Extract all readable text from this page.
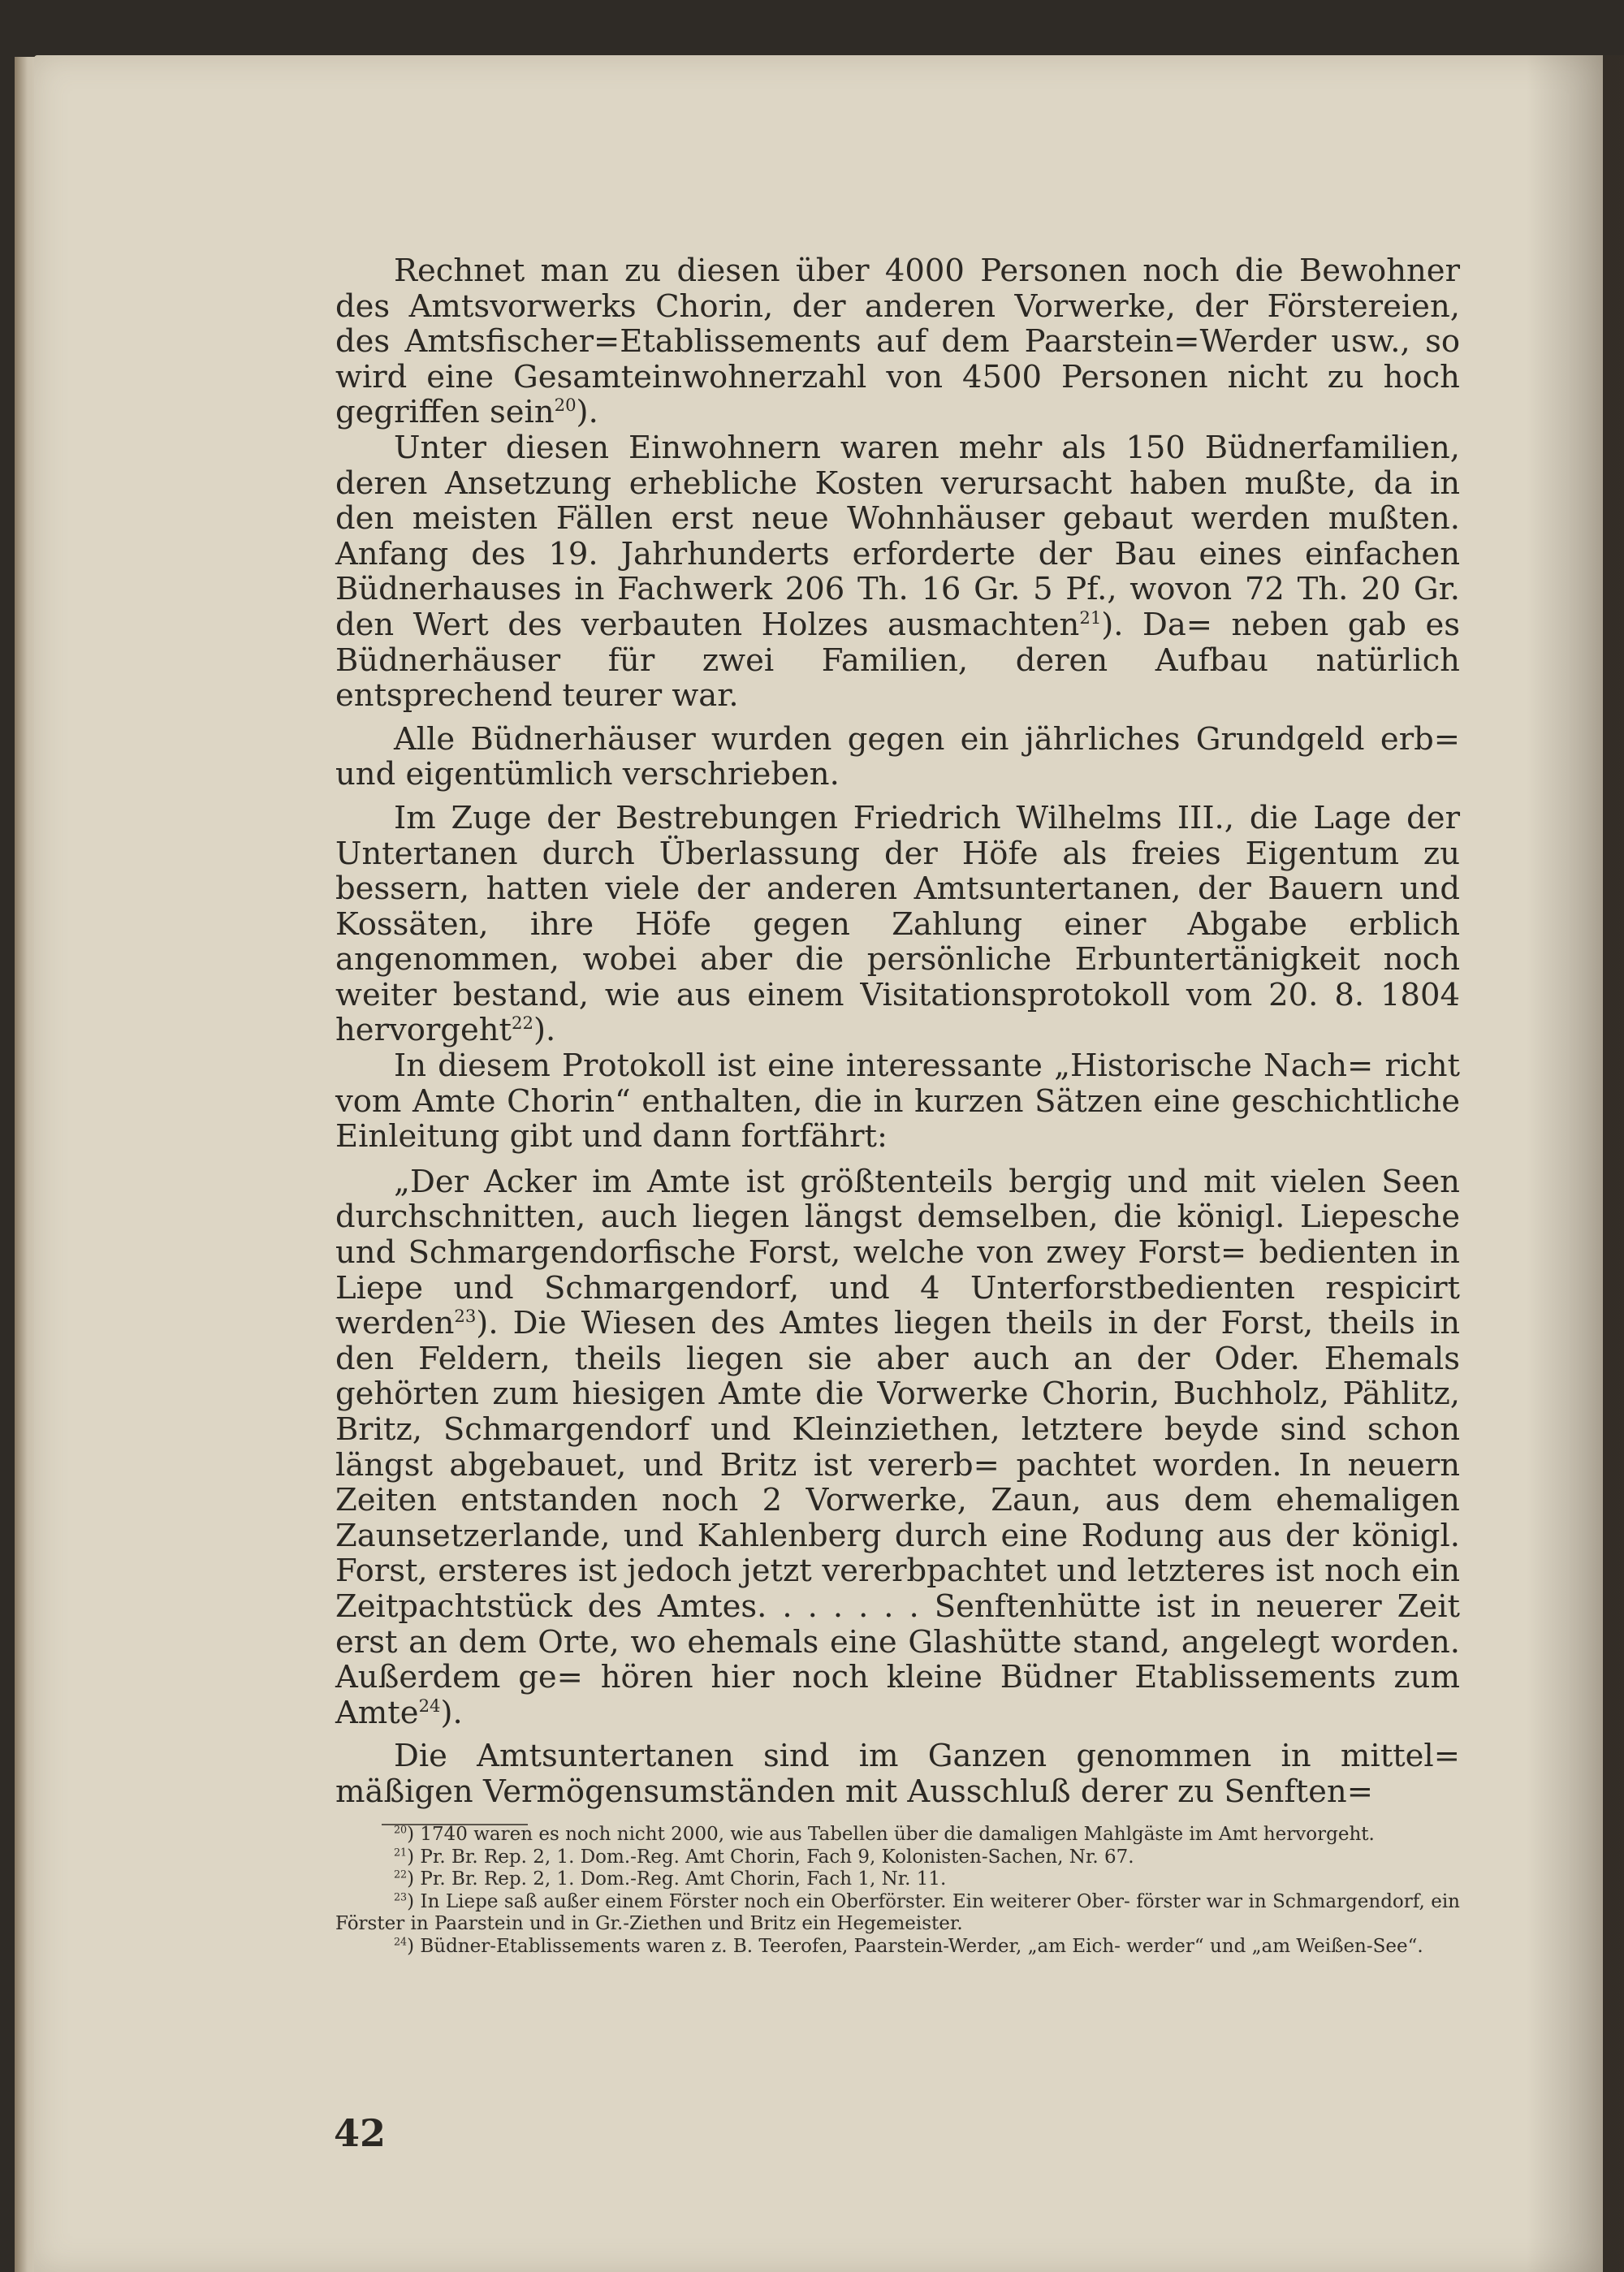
Rechnet man zu diesen über 4000 Personen noch die Bewohner des Amtsvorwerks Chorin, der anderen Vorwerke, der Förstereien, des Amtsfischer=Etablissements auf dem Paarstein=Werder usw., so wird eine Gesamteinwohnerzahl von 4500 Personen nicht zu hoch gegriffen sein$^{20}$).

Unter diesen Einwohnern waren mehr als 150 Büdnerfamilien, deren Ansetzung erhebliche Kosten verursacht haben mußte, da in den meisten Fällen erst neue Wohnhäuser gebaut werden mußten. Anfang des 19. Jahrhunderts erforderte der Bau eines einfachen Büdnerhauses in Fachwerk 206 Th. 16 Gr. 5 Pf., wovon 72 Th. 20 Gr. den Wert des verbauten Holzes ausmachten$^{21}$). Da= neben gab es Büdnerhäuser für zwei Familien, deren Aufbau natürlich entsprechend teurer war.

Alle Büdnerhäuser wurden gegen ein jährliches Grundgeld erb= und eigentümlich verschrieben.

Im Zuge der Bestrebungen Friedrich Wilhelms III., die Lage der Untertanen durch Überlassung der Höfe als freies Eigentum zu bessern, hatten viele der anderen Amtsuntertanen, der Bauern und Kossäten, ihre Höfe gegen Zahlung einer Abgabe erblich angenommen, wobei aber die persönliche Erbuntertänigkeit noch weiter bestand, wie aus einem Visitationsprotokoll vom 20. 8. 1804 hervorgeht$^{22}$).

In diesem Protokoll ist eine interessante „Historische Nach= richt vom Amte Chorin“ enthalten, die in kurzen Sätzen eine geschichtliche Einleitung gibt und dann fortfährt:

„Der Acker im Amte ist größtenteils bergig und mit vielen Seen durchschnitten, auch liegen längst demselben, die königl. Liepesche und Schmargendorfische Forst, welche von zwey Forst= bedienten in Liepe und Schmargendorf, und 4 Unterforstbedienten respicirt werden$^{23}$). Die Wiesen des Amtes liegen theils in der Forst, theils in den Feldern, theils liegen sie aber auch an der Oder. Ehemals gehörten zum hiesigen Amte die Vorwerke Chorin, Buchholz, Pählitz, Britz, Schmargendorf und Kleinziethen, letztere beyde sind schon längst abgebauet, und Britz ist vererb= pachtet worden. In neuern Zeiten entstanden noch 2 Vorwerke, Zaun, aus dem ehemaligen Zaunsetzerlande, und Kahlenberg durch eine Rodung aus der königl. Forst, ersteres ist jedoch jetzt vererbpachtet und letzteres ist noch ein Zeitpachtstück des Amtes. . . . . . . Senftenhütte ist in neuerer Zeit erst an dem Orte, wo ehemals eine Glashütte stand, angelegt worden. Außerdem ge= hören hier noch kleine Büdner Etablissements zum Amte$^{24}$).

Die Amtsuntertanen sind im Ganzen genommen in mittel= mäßigen Vermögensumständen mit Ausschluß derer zu Senften=

$^{20}$) 1740 waren es noch nicht 2000, wie aus Tabellen über die damaligen Mahlgäste im Amt hervorgeht.

$^{21}$) Pr. Br. Rep. 2, 1. Dom.-Reg. Amt Chorin, Fach 9, Kolonisten-Sachen, Nr. 67.

$^{22}$) Pr. Br. Rep. 2, 1. Dom.-Reg. Amt Chorin, Fach 1, Nr. 11.

$^{23}$) In Liepe saß außer einem Förster noch ein Oberförster. Ein weiterer Ober- förster war in Schmargendorf, ein Förster in Paarstein und in Gr.-Ziethen und Britz ein Hegemeister.

$^{24}$) Büdner-Etablissements waren z. B. Teerofen, Paarstein-Werder, „am Eich- werder“ und „am Weißen-See“.

42
